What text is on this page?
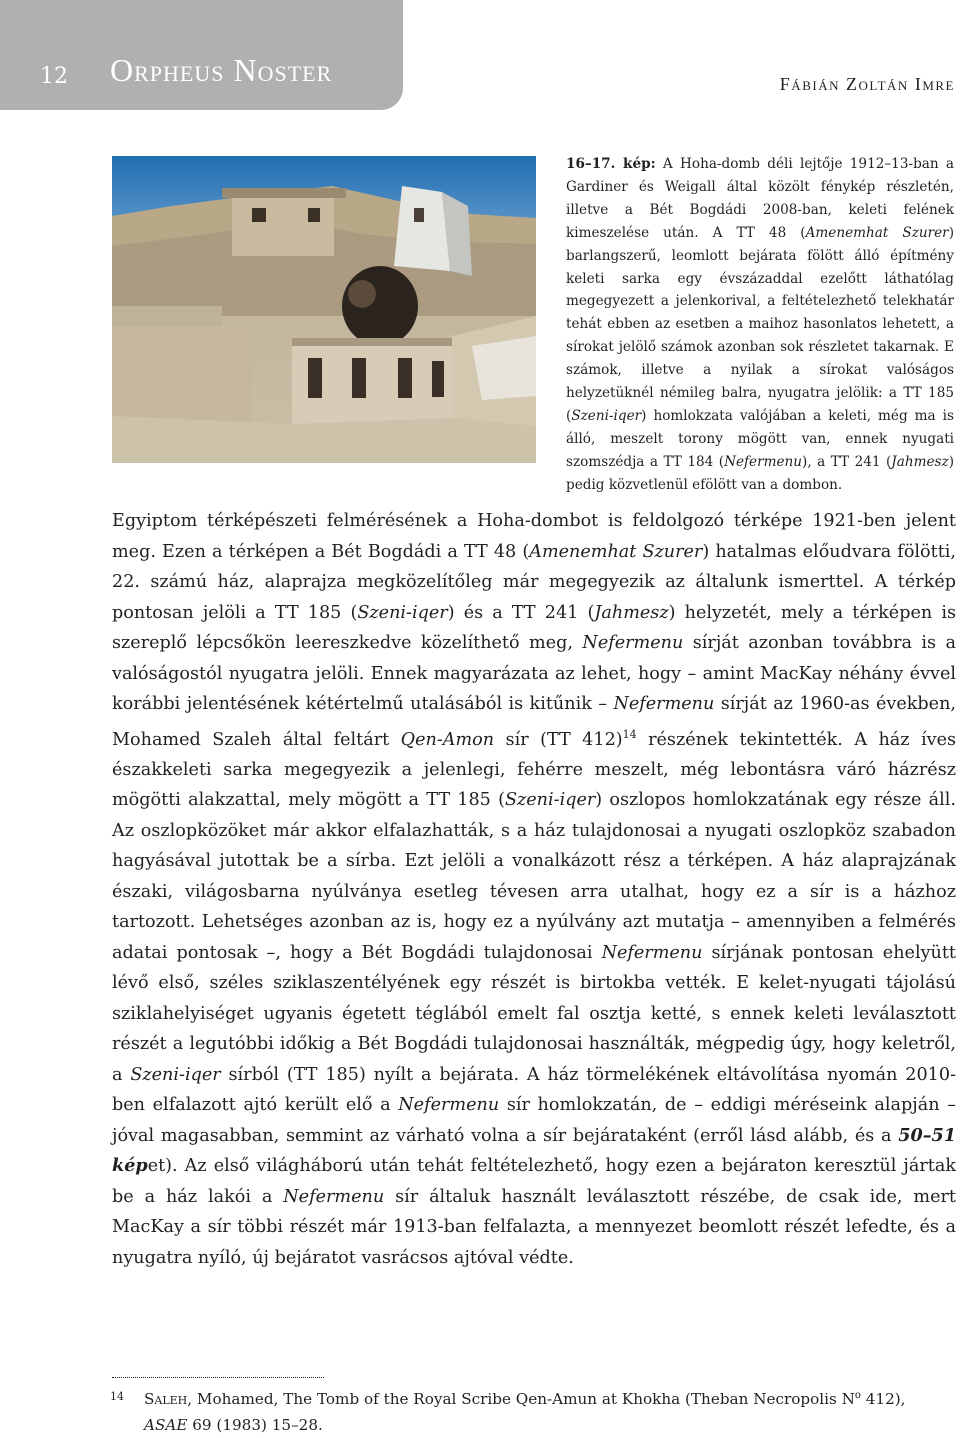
12 Orpheus Noster	Fábián Zoltán Imre

16–17. kép: A Hoha-domb déli lejtője 1912–13-ban a Gardiner és Weigall által közölt fénykép részletén, illetve a Bét Bogdádi 2008-ban, keleti felének kimeszelése után. A TT 48 (Amenemhat Szurer) barlangszerű, leomlott bejárata fölött álló építmény keleti sarka egy évszázaddal ezelőtt láthatólag megegyezett a jelenkorival, a feltételezhető telekhatár tehát ebben az esetben a maihoz hasonlatos lehetett, a sírokat jelölő számok azonban sok részletet takarnak. E számok, illetve a nyilak a sírokat valóságos helyzetüknél némileg balra, nyugatra jelölik: a TT 185 (Szeni-iqer) homlokzata valójában a keleti, még ma is álló, meszelt torony mögött van, ennek nyugati szomszédja a TT 184 (Nefermenu), a TT 241 (Jahmesz) pedig közvetlenül efölött van a dombon.

Egyiptom térképészeti felmérésének a Hoha-dombot is feldolgozó térképe 1921-ben jelent meg. Ezen a térképen a Bét Bogdádi a TT 48 (Amenemhat Szurer) hatalmas előudvara fölötti, 22. számú ház, alaprajza megközelítőleg már megegyezik az általunk ismerttel. A térkép pontosan jelöli a TT 185 (Szeni-iqer) és a TT 241 (Jahmesz) helyzetét, mely a térképen is szereplő lépcsőkön leereszkedve közelíthető meg, Nefermenu sírját azonban továbbra is a valóságostól nyugatra jelöli. Ennek magyarázata az lehet, hogy – amint MacKay néhány évvel korábbi jelentésének kétértelmű utalásából is kitűnik – Nefermenu sírját az 1960-as években, Mohamed Szaleh által feltárt Qen-Amon sír (TT 412)$^{14}$ részének tekintették. A ház íves északkeleti sarka megegyezik a jelenlegi, fehérre meszelt, még lebontásra váró házrész mögötti alakzattal, mely mögött a TT 185 (Szeni-iqer) oszlopos homlokzatának egy része áll. Az oszlopközöket már akkor elfalazhatták, s a ház tulajdonosai a nyugati oszlopköz szabadon hagyásával jutottak be a sírba. Ezt jelöli a vonalkázott rész a térképen. A ház alaprajzának északi, világosbarna nyúlványa esetleg tévesen arra utalhat, hogy ez a sír is a házhoz tartozott. Lehetséges azonban az is, hogy ez a nyúlvány azt mutatja – amennyiben a felmérés adatai pontosak –, hogy a Bét Bogdádi tulajdonosai Nefermenu sírjának pontosan ehelyütt lévő első, széles sziklaszentélyének egy részét is birtokba vették. E kelet-nyugati tájolású sziklahelyiséget ugyanis égetett téglából emelt fal osztja ketté, s ennek keleti leválasztott részét a legutóbbi időkig a Bét Bogdádi tulajdonosai használták, mégpedig úgy, hogy keletről, a Szeni-iqer sírból (TT 185) nyílt a bejárata. A ház törmelékének eltávolítása nyomán 2010-ben elfalazott ajtó került elő a Nefermenu sír homlokzatán, de – eddigi méréseink alapján – jóval magasabban, semmint az várható volna a sír bejárataként (erről lásd alább, és a 50–51 képet). Az első világháború után tehát feltételezhető, hogy ezen a bejáraton keresztül jártak be a ház lakói a Nefermenu sír általuk használt leválasztott részébe, de csak ide, mert MacKay a sír többi részét már 1913-ban felfalazta, a mennyezet beomlott részét lefedte, és a nyugatra nyíló, új bejáratot vasrácsos ajtóval védte.

14 Saleh, Mohamed, The Tomb of the Royal Scribe Qen-Amun at Khokha (Theban Necropolis $N^o$ 412),
ASAE 69 (1983) 15–28.
